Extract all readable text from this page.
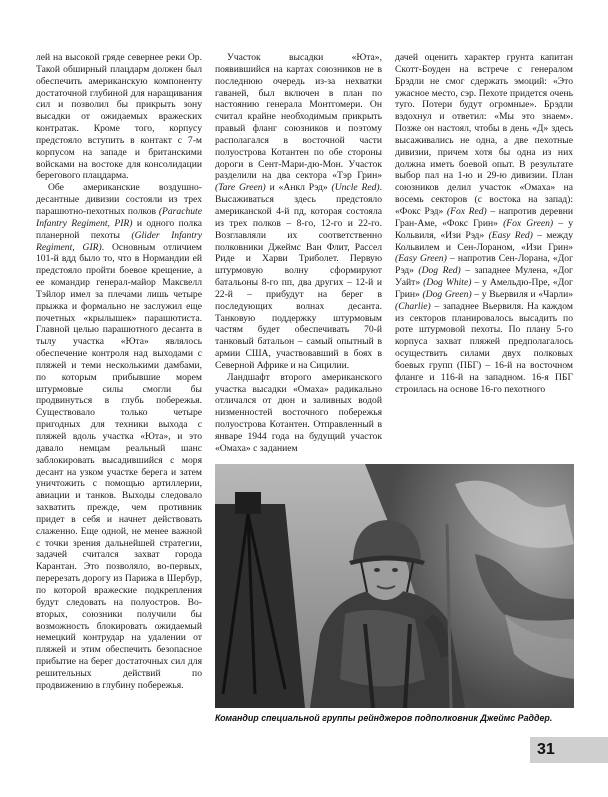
лей на высокой гряде севернее реки Ор. Такой обширный плацдарм должен был обеспечить американскую компоненту достаточной глубиной для наращивания сил и позволил бы прикрыть зону высадки от ожидаемых вражеских контратак. Кроме того, корпусу предстояло вступить в контакт с 7-м корпусом на западе и британскими войсками на востоке для консолидации берегового плацдарма.

Обе американские воздушно-десантные дивизии состояли из трех парашютно-пехотных полков (Parachute Infantry Regiment, PIR) и одного полка планерной пехоты (Glider Infantry Regiment, GIR). Основным отличием 101-й вдд было то, что в Нормандии ей предстояло пройти боевое крещение, а ее командир генерал-майор Максвелл Тэйлор имел за плечами лишь четыре прыжка и формально не заслужил еще почетных «крылышек» парашютиста. Главной целью парашютного десанта в тылу участка «Юта» являлось обеспечение контроля над выходами с пляжей и теми несколькими дамбами, по которым прибывшие морем штурмовые силы смогли бы продвинуться в глубь побережья. Существовало только четыре пригодных для техники выхода с пляжей вдоль участка «Юта», и это давало немцам реальный шанс заблокировать высадившийся с моря десант на узком участке берега и затем уничтожить с помощью артиллерии, авиации и танков. Выходы следовало захватить прежде, чем противник придет в себя и начнет действовать слаженно. Еще одной, не менее важной с точки зрения дальнейшей стратегии, задачей считался захват города Карантан. Это позволяло, во-первых, перерезать дорогу из Парижа в Шербур, по которой вражеские подкрепления будут следовать на полуостров. Во-вторых, союзники получили бы возможность блокировать ожидаемый немецкий контрудар на удалении от пляжей и этим обеспечить безопасное прибытие на берег достаточных сил для решительных действий по продвижению в глубину побережья.

Участок высадки «Юта», появившийся на картах союзников не в последнюю очередь из-за нехватки гаваней, был включен в план по настоянию генерала Монтгомери. Он считал крайне необходимым прикрыть правый фланг союзников и поэтому располагался в восточной части полуострова Котантен по обе стороны дороги в Сент-Мари-дю-Мон. Участок разделили на два сектора «Тэр Грин» (Tare Green) и «Анкл Рэд» (Uncle Red). Высаживаться здесь предстояло американской 4-й пд, которая состояла из трех полков – 8-го, 12-го и 22-го. Возглавляли их соответственно полковники Джеймс Ван Флит, Рассел Риде и Харви Триболет. Первую штурмовую волну сформируют батальоны 8-го пп, два других – 12-й и 22-й – прибудут на берег в последующих волнах десанта. Танковую поддержку штурмовым частям будет обеспечивать 70-й танковый батальон – самый опытный в армии США, участвовавший в боях в Северной Африке и на Сицилии.

Ландшафт второго американского участка высадки «Омаха» радикально отличался от дюн и заливных водой низменностей восточного побережья полуострова Котантен. Отправленный в январе 1944 года на будущий участок «Омаха» с заданием

дачей оценить характер грунта капитан Скотт-Боуден на встрече с генералом Брэдли не смог сдержать эмоций: «Это ужасное место, сэр. Пехоте придется очень туго. Потери будут огромные». Брэдли вздохнул и ответил: «Мы это знаем». Позже он настоял, чтобы в день «Д» здесь высаживались не одна, а две пехотные дивизии, причем хотя бы одна из них должна иметь боевой опыт. В результате выбор пал на 1-ю и 29-ю дивизии. План союзников делил участок «Омаха» на восемь секторов (с востока на запад): «Фокс Рэд» (Fox Red) – напротив деревни Гран-Аме, «Фокс Грин» (Fox Green) – у Кольвиля, «Изи Рэд» (Easy Red) – между Кольвилем и Сен-Лораном, «Изи Грин» (Easy Green) – напротив Сен-Лорана, «Дог Рэд» (Dog Red) – западнее Мулена, «Дог Уайт» (Dog White) – у Амельдю-Пре, «Дог Грин» (Dog Green) – у Вьервиля и «Чарли» (Charlie) – западнее Вьервиля. На каждом из секторов планировалось высадить по роте штурмовой пехоты. По плану 5-го корпуса захват пляжей предполагалось осуществить силами двух полковых боевых групп (ПБГ) – 16-й на восточном фланге и 116-й на западном. 16-я ПБГ строилась на основе 16-го пехотного

Командир специальной группы рейнджеров подполковник Джеймс Раддер.
31
